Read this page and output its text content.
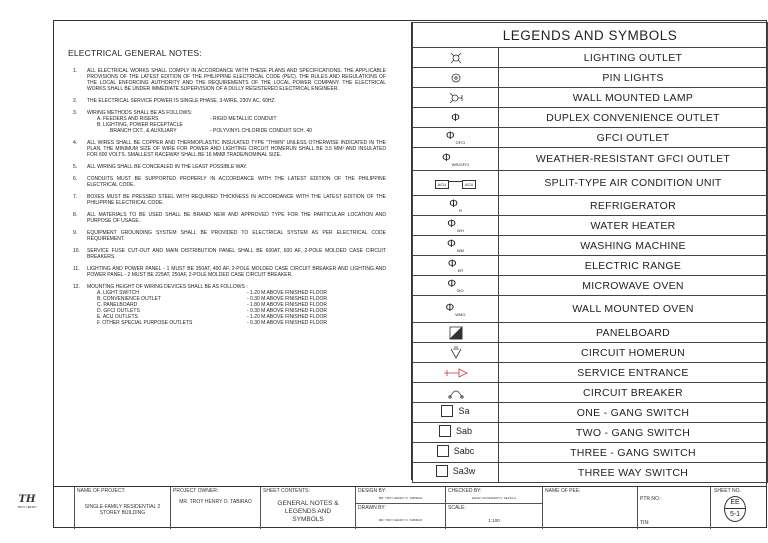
ELECTRICAL GENERAL NOTES:
1. ALL ELECTRICAL WORKS SHALL COMPLY IN ACCORDANCE WITH THESE PLANS AND SPECIFICATIONS. THE APPLICABLE PROVISIONS OF THE LATEST EDITION OF THE PHILIPPINE ELECTRICAL CODE (PEC). THE RULES AND REGULATIONS OF THE LOCAL ENFORCING AUTHORITY AND THE REQUIREMENTS OF THE LOCAL POWER COMPANY. THE ELECTRICAL WORKS SHALL BE UNDER IMMEDIATE SUPERVISION OF A DULLY REGISTERED ELECTRICAL ENGINEER.
2. THE ELECTRICAL SERVICE POWER IS SINGLE PHASE, 3-WIRE, 230V AC, 60HZ.
3. WIRING METHODS SHALL BE AS FOLLOWS:
A. FEEDERS AND RISERS	- RIGID METALLIC CONDUIT
B. LIGHTING, POWER RECEPTACLE
BRANCH CKT., & AUXILIARY	- POLYVINYL CHLORIDE CONDUIT SCH. 40
4. ALL WIRES SHALL BE COPPER AND THERMOPLASTIC INSULATED TYPE "THWN" UNLESS OTHERWISE INDICATED IN THE PLAN. THE MINIMUM SIZE OF WIRE FOR POWER AND LIGHTING CIRCUIT HOMERUN SHALL BE 3.5 MM² AND INSULATED FOR 600 VOLTS. SMALLEST RACEWAY SHALL BE 16 MMØ TRADE/NOMINAL SIZE.
5. ALL WIRING SHALL BE CONCEALED IN THE LEAST POSSIBLE WAY.
6. CONDUITS MUST BE SUPPORTED PROPERLY IN ACCORDANCE WITH THE LATEST EDITION OF THE PHILIPPINE ELECTRICAL CODE.
7. BOXES MUST BE PRESSED STEEL WITH REQUIRED THICKNESS IN ACCORDANCE WITH THE LATEST EDITION OF THE PHILIPPINE ELECTRICAL CODE.
8. ALL MATERIALS TO BE USED SHALL BE BRAND NEW AND APPROVED TYPE FOR THE PARTICULAR LOCATION AND PURPOSE OF USAGE.
9. EQUIPMENT GROUNDING SYSTEM SHALL BE PROVIDED TO ELECTRICAL SYSTEM AS PER ELECTRICAL CODE REQUIREMENT.
10. SERVICE FUSE CUT-OUT AND MAIN DISTRIBUTION PANEL SHALL BE 600AT, 600 AF, 2-POLE MOLDED CASE CIRCUIT BREAKERS.
11. LIGHTING AND POWER PANEL - 1 MUST BE 350AT, 400 AF, 2-POLE MOLDED CASE CIRCUIT BREAKER AND LIGHTING AND POWER PANEL - 2 MUST BE 225AT, 250AF, 2-POLE MOLDED CASE CIRCUIT BREAKER.
12. MOUNTING HEIGHT OF WIRING DEVICES SHALL BE AS FOLLOWS :
A. LIGHT SWITCH	- 1.20 M ABOVE FINISHED FLOOR
B. CONVENIENCE OUTLET	- 0.30 M ABOVE FINISHED FLOOR
C. PANELBOARD	- 1.80 M ABOVE FINISHED FLOOR
D. GFCI OUTLETS	- 0.30 M ABOVE FINISHED FLOOR
E. ACU OUTLETS	- 1.20 M ABOVE FINISHED FLOOR
F. OTHER SPECIAL PURPOSE OUTLETS	- 0.30 M ABOVE FINISHED FLOOR
LEGENDS AND SYMBOLS	

	LIGHTING OUTLET

	PIN LIGHTS

	WALL MOUNTED LAMP
Φ	DUPLEX CONVENIENCE OUTLET
$\Phi_{GFCI}$	GFCI OUTLET
$\Phi_{WR/GFCI}$	WEATHER-RESISTANT GFCI OUTLET

ACU ACU	SPLIT-TYPE AIR CONDITION UNIT
$\Phi_R$	REFRIGERATOR
$\Phi_{WH}$	WATER HEATER
$\Phi_{WM}$	WASHING MACHINE
$\Phi_{ER}$	ELECTRIC RANGE
$\Phi_{MO}$	MICROWAVE OVEN
$\Phi_{WMO}$	WALL MOUNTED OVEN

	PANELBOARD

	CIRCUIT HOMERUN

	SERVICE ENTRANCE

	CIRCUIT BREAKER

Sa	ONE - GANG SWITCH

Sab	TWO - GANG SWITCH

Sabc	THREE - GANG SWITCH

Sa3w	THREE WAY SWITCH
NAME OF PROJECT:
SINGLE-FAMILY RESIDENTIAL 2 STOREY BUILDING
PROJECT OWNER:
MR. TROY HENRY O. TABIRAO
SHEET CONTENTS:
GENERAL NOTES & LEGENDS AND SYMBOLS
DESIGN BY:
MR. TROY HENRY O. TABIRAO
DRAWN BY:
MR. TROY HENRY O. TABIRAO
CHECKED BY:
ENGR. ROVENSON V. SEVILLA
SCALE:
1:100
NAME OF PEE:
PTR NO.:
TIN:
SHEET NO.
TH
TROY HENRY
EE
5-1
